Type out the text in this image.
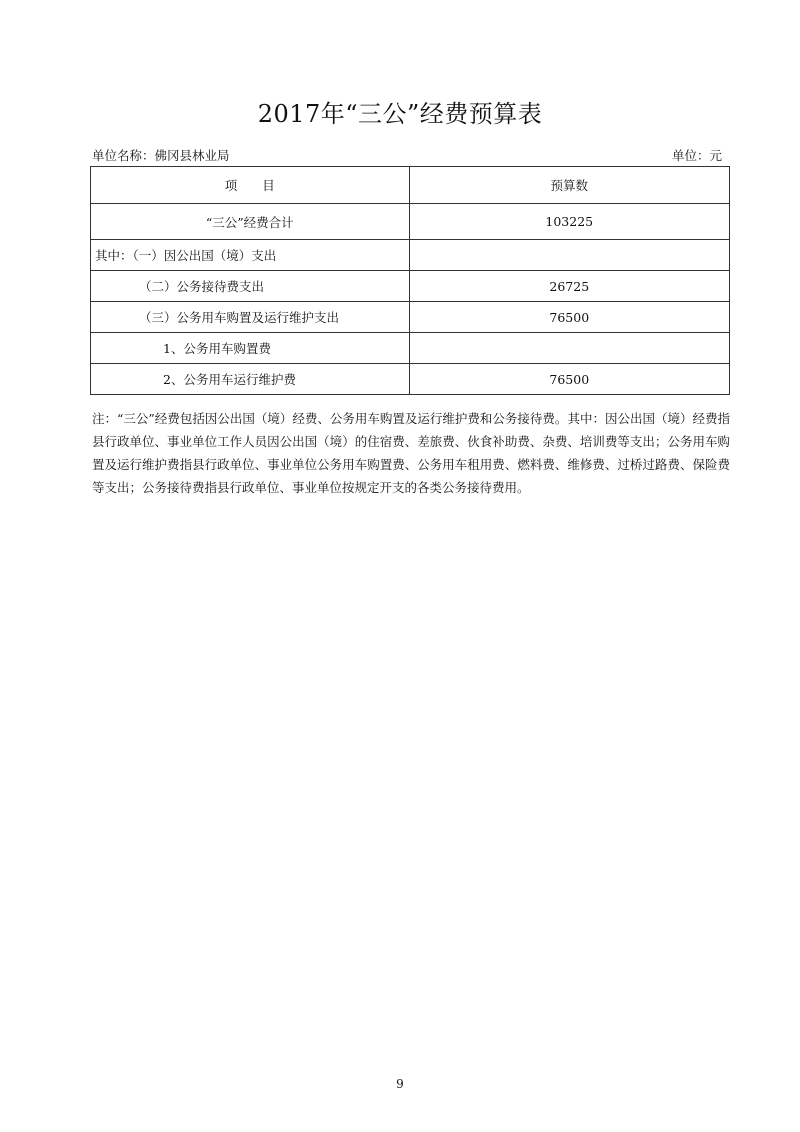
2017年“三公”经费预算表
单位名称：佛冈县林业局	单位：元
项　　目	预算数
“三公”经费合计	103225
其中：（一）因公出国（境）支出	
（二）公务接待费支出	26725
（三）公务用车购置及运行维护支出	76500
1、公务用车购置费	
2、公务用车运行维护费	76500
注：“三公”经费包括因公出国（境）经费、公务用车购置及运行维护费和公务接待费。其中：因公出国（境）经费指县行政单位、事业单位工作人员因公出国（境）的住宿费、差旅费、伙食补助费、杂费、培训费等支出；公务用车购置及运行维护费指县行政单位、事业单位公务用车购置费、公务用车租用费、燃料费、维修费、过桥过路费、保险费等支出；公务接待费指县行政单位、事业单位按规定开支的各类公务接待费用。
9
